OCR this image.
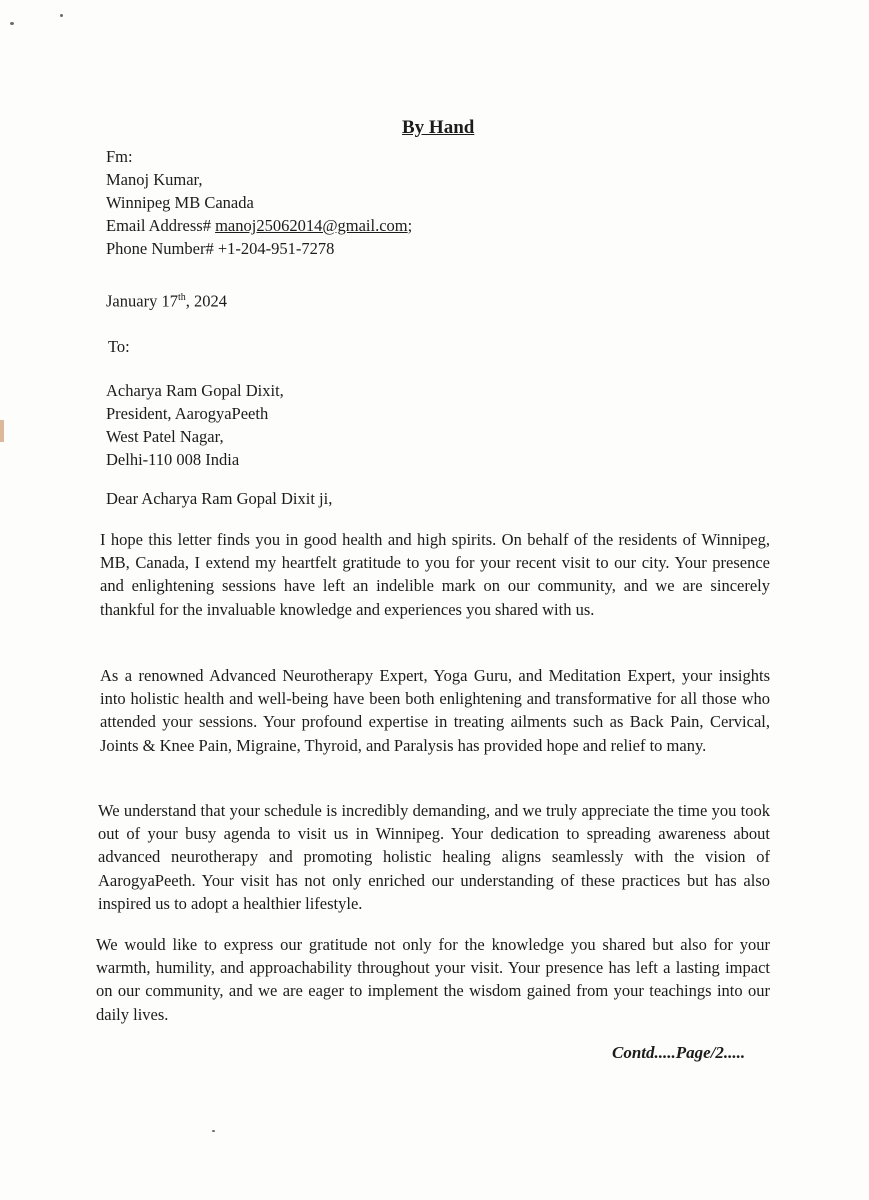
By Hand
Fm:
Manoj Kumar,
Winnipeg MB Canada
Email Address# manoj25062014@gmail.com;
Phone Number# +1-204-951-7278
January 17th, 2024
To:
Acharya Ram Gopal Dixit,
President, AarogyaPeeth
West Patel Nagar,
Delhi-110 008 India
Dear Acharya Ram Gopal Dixit ji,

I hope this letter finds you in good health and high spirits. On behalf of the residents of Winnipeg, MB, Canada, I extend my heartfelt gratitude to you for your recent visit to our city. Your presence and enlightening sessions have left an indelible mark on our community, and we are sincerely thankful for the invaluable knowledge and experiences you shared with us.

As a renowned Advanced Neurotherapy Expert, Yoga Guru, and Meditation Expert, your insights into holistic health and well-being have been both enlightening and transformative for all those who attended your sessions. Your profound expertise in treating ailments such as Back Pain, Cervical, Joints & Knee Pain, Migraine, Thyroid, and Paralysis has provided hope and relief to many.

We understand that your schedule is incredibly demanding, and we truly appreciate the time you took out of your busy agenda to visit us in Winnipeg. Your dedication to spreading awareness about advanced neurotherapy and promoting holistic healing aligns seamlessly with the vision of AarogyaPeeth. Your visit has not only enriched our understanding of these practices but has also inspired us to adopt a healthier lifestyle.

We would like to express our gratitude not only for the knowledge you shared but also for your warmth, humility, and approachability throughout your visit. Your presence has left a lasting impact on our community, and we are eager to implement the wisdom gained from your teachings into our daily lives.

Contd.....Page/2.....
